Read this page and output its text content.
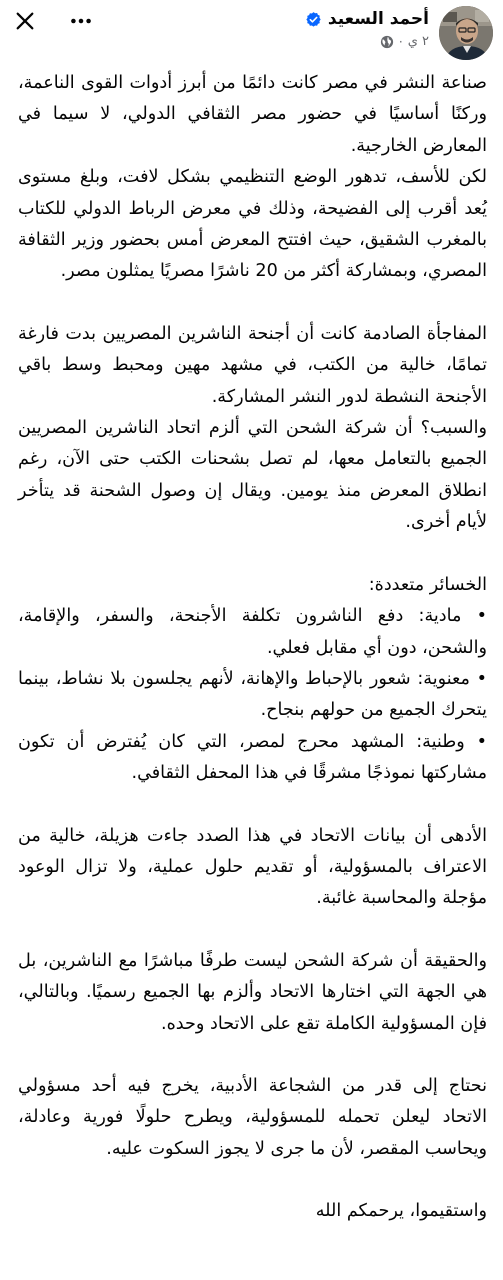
أحمد السعيد
٢ ي
·

صناعة النشر في مصر كانت دائمًا من أبرز أدوات القوى الناعمة، وركنًا أساسيًا في حضور مصر الثقافي الدولي، لا سيما في المعارض الخارجية.

لكن للأسف، تدهور الوضع التنظيمي بشكل لافت، وبلغ مستوى يُعد أقرب إلى الفضيحة، وذلك في معرض الرباط الدولي للكتاب بالمغرب الشقيق، حيث افتتح المعرض أمس بحضور وزير الثقافة المصري، وبمشاركة أكثر من 20 ناشرًا مصريًا يمثلون مصر.

المفاجأة الصادمة كانت أن أجنحة الناشرين المصريين بدت فارغة تمامًا، خالية من الكتب، في مشهد مهين ومحبط وسط باقي الأجنحة النشطة لدور النشر المشاركة.

والسبب؟ أن شركة الشحن التي ألزم اتحاد الناشرين المصريين الجميع بالتعامل معها، لم تصل بشحنات الكتب حتى الآن، رغم انطلاق المعرض منذ يومين. ويقال إن وصول الشحنة قد يتأخر لأيام أخرى.

الخسائر متعددة:
• مادية: دفع الناشرون تكلفة الأجنحة، والسفر، والإقامة، والشحن، دون أي مقابل فعلي.
• معنوية: شعور بالإحباط والإهانة، لأنهم يجلسون بلا نشاط، بينما يتحرك الجميع من حولهم بنجاح.
• وطنية: المشهد محرج لمصر، التي كان يُفترض أن تكون مشاركتها نموذجًا مشرقًا في هذا المحفل الثقافي.

الأدهى أن بيانات الاتحاد في هذا الصدد جاءت هزيلة، خالية من الاعتراف بالمسؤولية، أو تقديم حلول عملية، ولا تزال الوعود مؤجلة والمحاسبة غائبة.

والحقيقة أن شركة الشحن ليست طرفًا مباشرًا مع الناشرين، بل هي الجهة التي اختارها الاتحاد وألزم بها الجميع رسميًا. وبالتالي، فإن المسؤولية الكاملة تقع على الاتحاد وحده.

نحتاج إلى قدر من الشجاعة الأدبية، يخرج فيه أحد مسؤولي الاتحاد ليعلن تحمله للمسؤولية، ويطرح حلولًا فورية وعادلة، ويحاسب المقصر، لأن ما جرى لا يجوز السكوت عليه.

واستقيموا، يرحمكم الله
